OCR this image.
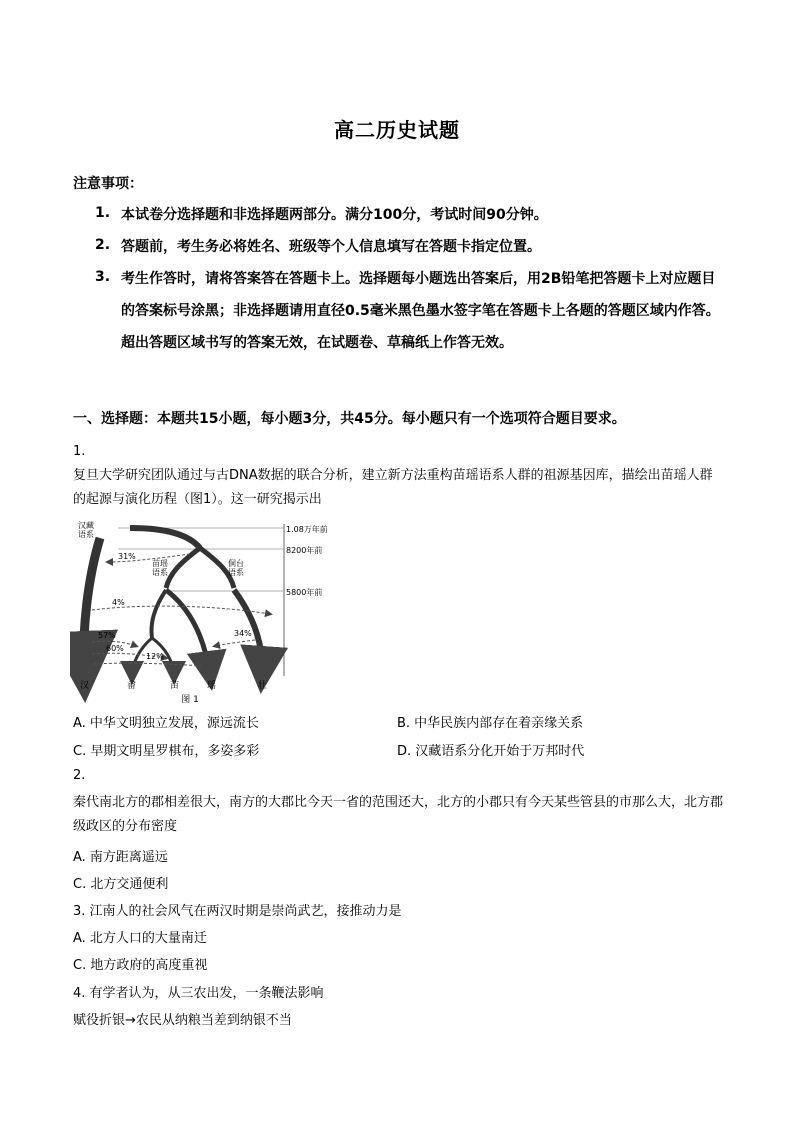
高二历史试题
注意事项：
1. 本试卷分选择题和非选择题两部分。满分100分，考试时间90分钟。
2. 答题前，考生务必将姓名、班级等个人信息填写在答题卡指定位置。
3. 考生作答时，请将答案答在答题卡上。选择题每小题选出答案后，用2B铅笔把答题卡上对应题目的答案标号涂黑；非选择题请用直径0.5毫米黑色墨水签字笔在答题卡上各题的答题区域内作答。超出答题区域书写的答案无效，在试题卷、草稿纸上作答无效。
一、选择题：本题共15小题，每小题3分，共45分。每小题只有一个选项符合题目要求。
1.
复旦大学研究团队通过与古DNA数据的联合分析，建立新方法重构苗瑶语系人群的祖源基因库，描绘出苗瑶人群的起源与演化历程（图1）。这一研究揭示出
1.08万年前
8200年前
5800年前
汉藏语系
苗瑶语系
侗台语系
31%
4%
34%
57%
60%
12%
汉	畲	苗	瑶	壮
图 1
A. 中华文明独立发展，源远流长	B. 中华民族内部存在着亲缘关系
C. 早期文明星罗棋布，多姿多彩	D. 汉藏语系分化开始于万邦时代
2.
秦代南北方的郡相差很大，南方的大郡比今天一省的范围还大，北方的小郡只有今天某些管县的市那么大，北方郡级政区的分布密度
A. 南方距离遥远
C. 北方交通便利
3. 江南人的社会风气在两汉时期是崇尚武艺，接推动力是
A. 北方人口的大量南迁
C. 地方政府的高度重视
4. 有学者认为，从三农出发，一条鞭法影响
赋役折银→农民从纳粮当差到纳银不当
